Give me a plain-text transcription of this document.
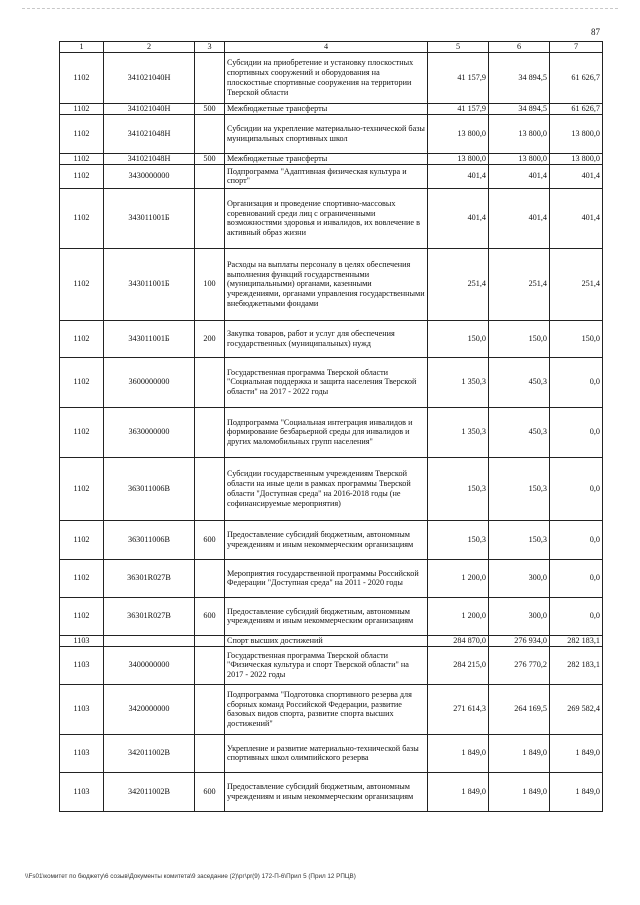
87
1	2	3	4	5	6	7
1102	341021040Н		Субсидии на приобретение и установку плоскостных спортивных сооружений и оборудования на плоскостные спортивные сооружения на территории Тверской области	41 157,9	34 894,5	61 626,7
1102	341021040Н	500	Межбюджетные трансферты	41 157,9	34 894,5	61 626,7
1102	341021048Н		Субсидии на укрепление материально-технической базы муниципальных спортивных школ	13 800,0	13 800,0	13 800,0
1102	341021048Н	500	Межбюджетные трансферты	13 800,0	13 800,0	13 800,0
1102	3430000000		Подпрограмма "Адаптивная физическая культура и спорт"	401,4	401,4	401,4
1102	343011001Б		Организация и проведение спортивно-массовых соревнований среди лиц с ограниченными возможностями здоровья и инвалидов, их вовлечение в активный образ жизни	401,4	401,4	401,4
1102	343011001Б	100	Расходы на выплаты персоналу в целях обеспечения выполнения функций государственными (муниципальными) органами, казенными учреждениями, органами управления государственными внебюджетными фондами	251,4	251,4	251,4
1102	343011001Б	200	Закупка товаров, работ и услуг для обеспечения государственных (муниципальных) нужд	150,0	150,0	150,0
1102	3600000000		Государственная программа Тверской области "Социальная поддержка и защита населения Тверской области" на 2017 - 2022 годы	1 350,3	450,3	0,0
1102	3630000000		Подпрограмма "Социальная интеграция инвалидов и формирование безбарьерной среды для инвалидов и других маломобильных групп населения"	1 350,3	450,3	0,0
1102	363011006В		Субсидии государственным учреждениям Тверской области на иные цели в рамках программы Тверской области "Доступная среда" на 2016-2018 годы (не софинансируемые мероприятия)	150,3	150,3	0,0
1102	363011006В	600	Предоставление субсидий бюджетным, автономным учреждениям и иным некоммерческим организациям	150,3	150,3	0,0
1102	36301R027В		Мероприятия государственной программы Российской Федерации "Доступная среда" на 2011 - 2020 годы	1 200,0	300,0	0,0
1102	36301R027В	600	Предоставление субсидий бюджетным, автономным учреждениям и иным некоммерческим организациям	1 200,0	300,0	0,0
1103			Спорт высших достижений	284 870,0	276 934,0	282 183,1
1103	3400000000		Государственная программа Тверской области "Физическая культура и спорт Тверской области" на 2017 - 2022 годы	284 215,0	276 770,2	282 183,1
1103	3420000000		Подпрограмма "Подготовка спортивного резерва для сборных команд Российской Федерации, развитие базовых видов спорта, развитие спорта высших достижений"	271 614,3	264 169,5	269 582,4
1103	342011002В		Укрепление и развитие материально-технической базы спортивных школ олимпийского резерва	1 849,0	1 849,0	1 849,0
1103	342011002В	600	Предоставление субсидий бюджетным, автономным учреждениям и иным некоммерческим организациям	1 849,0	1 849,0	1 849,0
\\Fs01\комитет по бюджету\6 созыв\Документы комитета\9 заседание (2)\рг\pr(9) 172-П-6\Прил 5 (Прил 12 РПЦВ)
